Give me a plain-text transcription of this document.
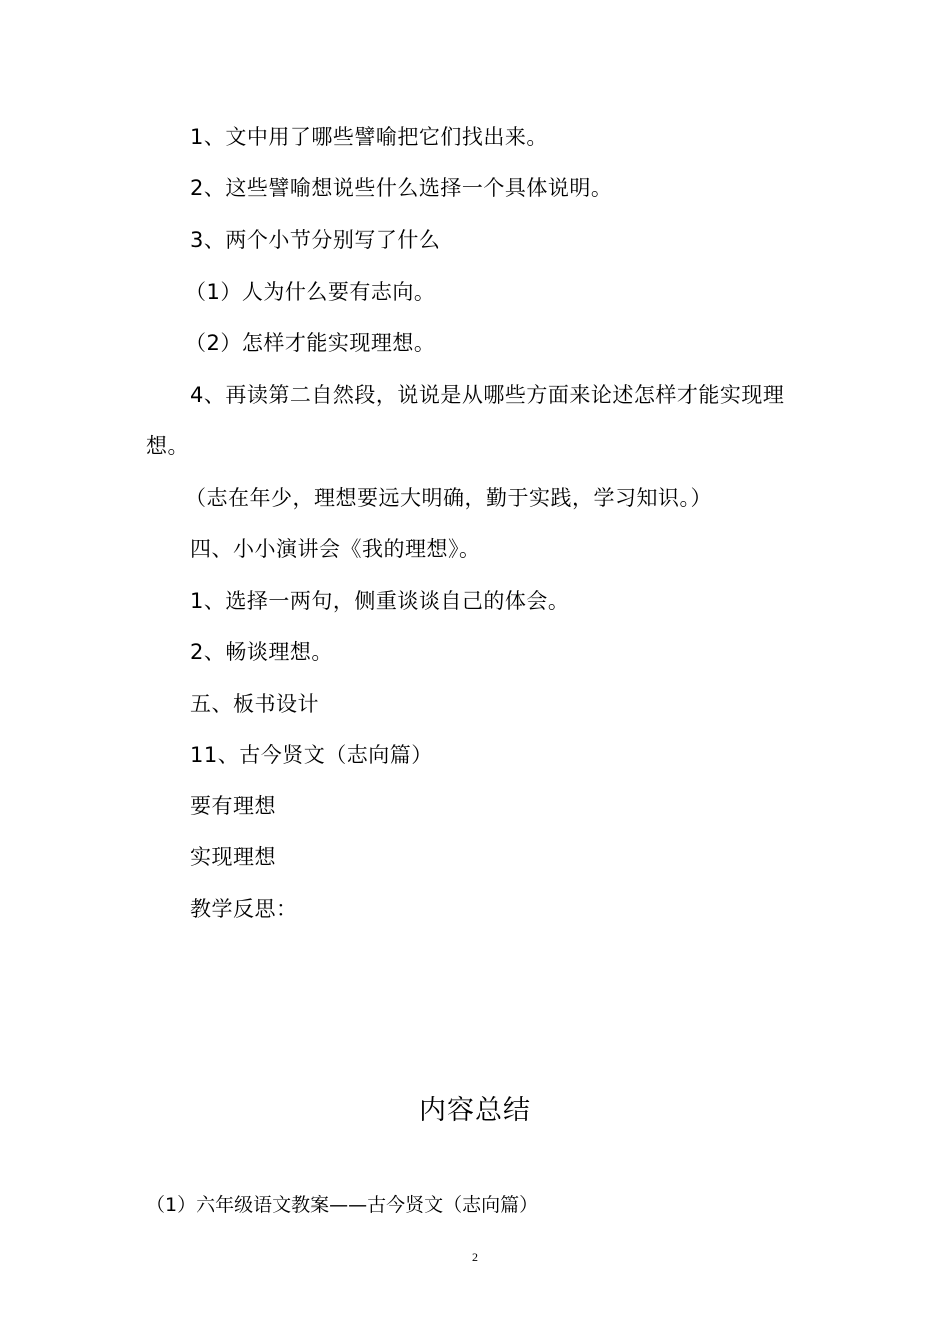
1、文中用了哪些譬喻把它们找出来。
2、这些譬喻想说些什么选择一个具体说明。
3、两个小节分别写了什么
（1）人为什么要有志向。
（2）怎样才能实现理想。
4、再读第二自然段，说说是从哪些方面来论述怎样才能实现理
想。
（志在年少，理想要远大明确，勤于实践，学习知识。）
四、小小演讲会《我的理想》。
1、选择一两句，侧重谈谈自己的体会。
2、畅谈理想。
五、板书设计
11、古今贤文（志向篇）
要有理想
实现理想
教学反思：
内容总结
（1）六年级语文教案——古今贤文（志向篇）
2
